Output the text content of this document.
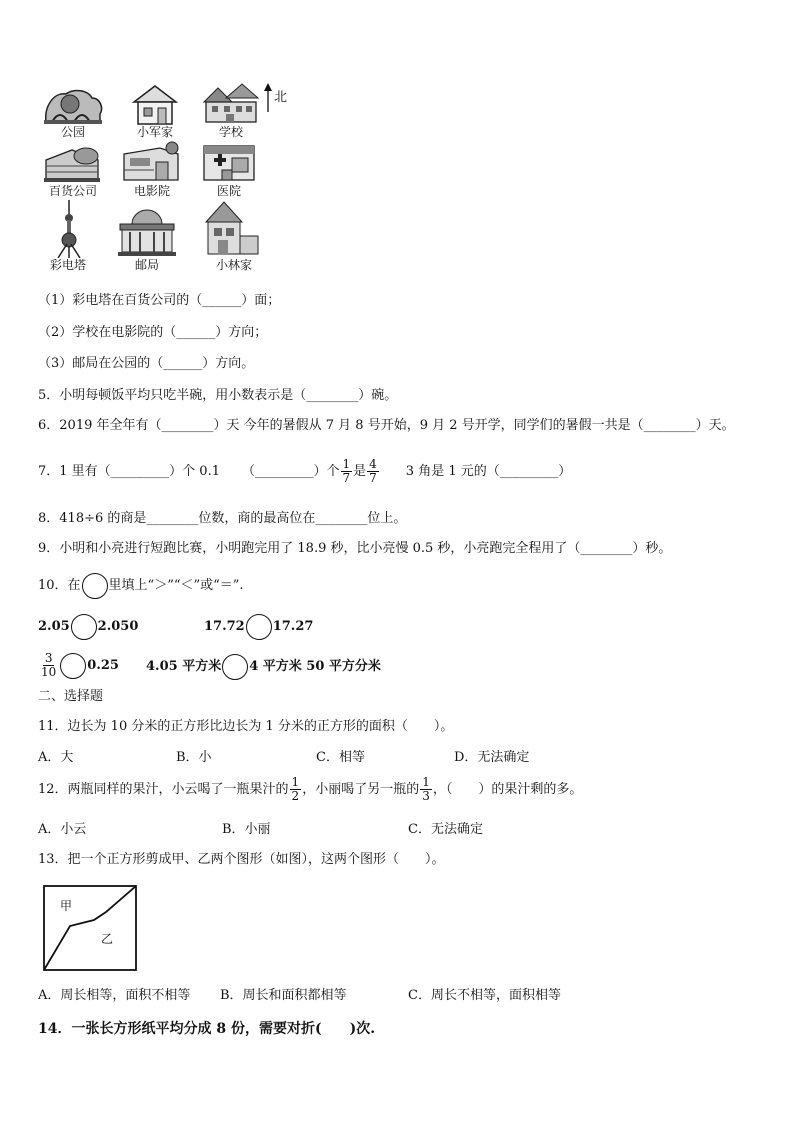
公园	小军家	学校
北
百货公司	电影院	医院
彩电塔	邮局	小林家
（1）彩电塔在百货公司的（______）面；
（2）学校在电影院的（______）方向；
（3）邮局在公园的（______）方向。
5．小明每顿饭平均只吃半碗，用小数表示是（________）碗。
6．2019 年全年有（________）天 今年的暑假从 7 月 8 号开始，9 月 2 号开学，同学们的暑假一共是（________）天。
7．1 里有（_________）个 0.1 （_________）个 $\frac{1}{7}$ 是 $\frac{4}{7} 3$ 角是 1 元的（_________）
8．418÷6 的商是________位数，商的最高位在________位上。
9．小明和小亮进行短跑比赛，小明跑完用了 18.9 秒，比小亮慢 0.5 秒，小亮跑完全程用了（________）秒。
10．在 里填上“＞”“＜”或“＝”.
2.05 2.050	17.72 17.27
$\frac{3}{10} 0.25$ 4.05 平方米 4 平方米 50 平方分米
二、选择题
11．边长为 10 分米的正方形比边长为 1 分米的正方形的面积（　　）。
A．大	B．小	C．相等	D．无法确定
12．两瓶同样的果汁，小云喝了一瓶果汁的 $\frac{1}{2}$ ，小丽喝了另一瓶的 $\frac{1}{3}$ ，（　　）的果汁剩的多。
A．小云	B．小丽	C．无法确定
13．把一个正方形剪成甲、乙两个图形（如图），这两个图形（　　）。
甲
乙
A．周长相等，面积不相等 B．周长和面积都相等	C．周长不相等，面积相等
14．一张长方形纸平均分成 8 份，需要对折(　　)次.
